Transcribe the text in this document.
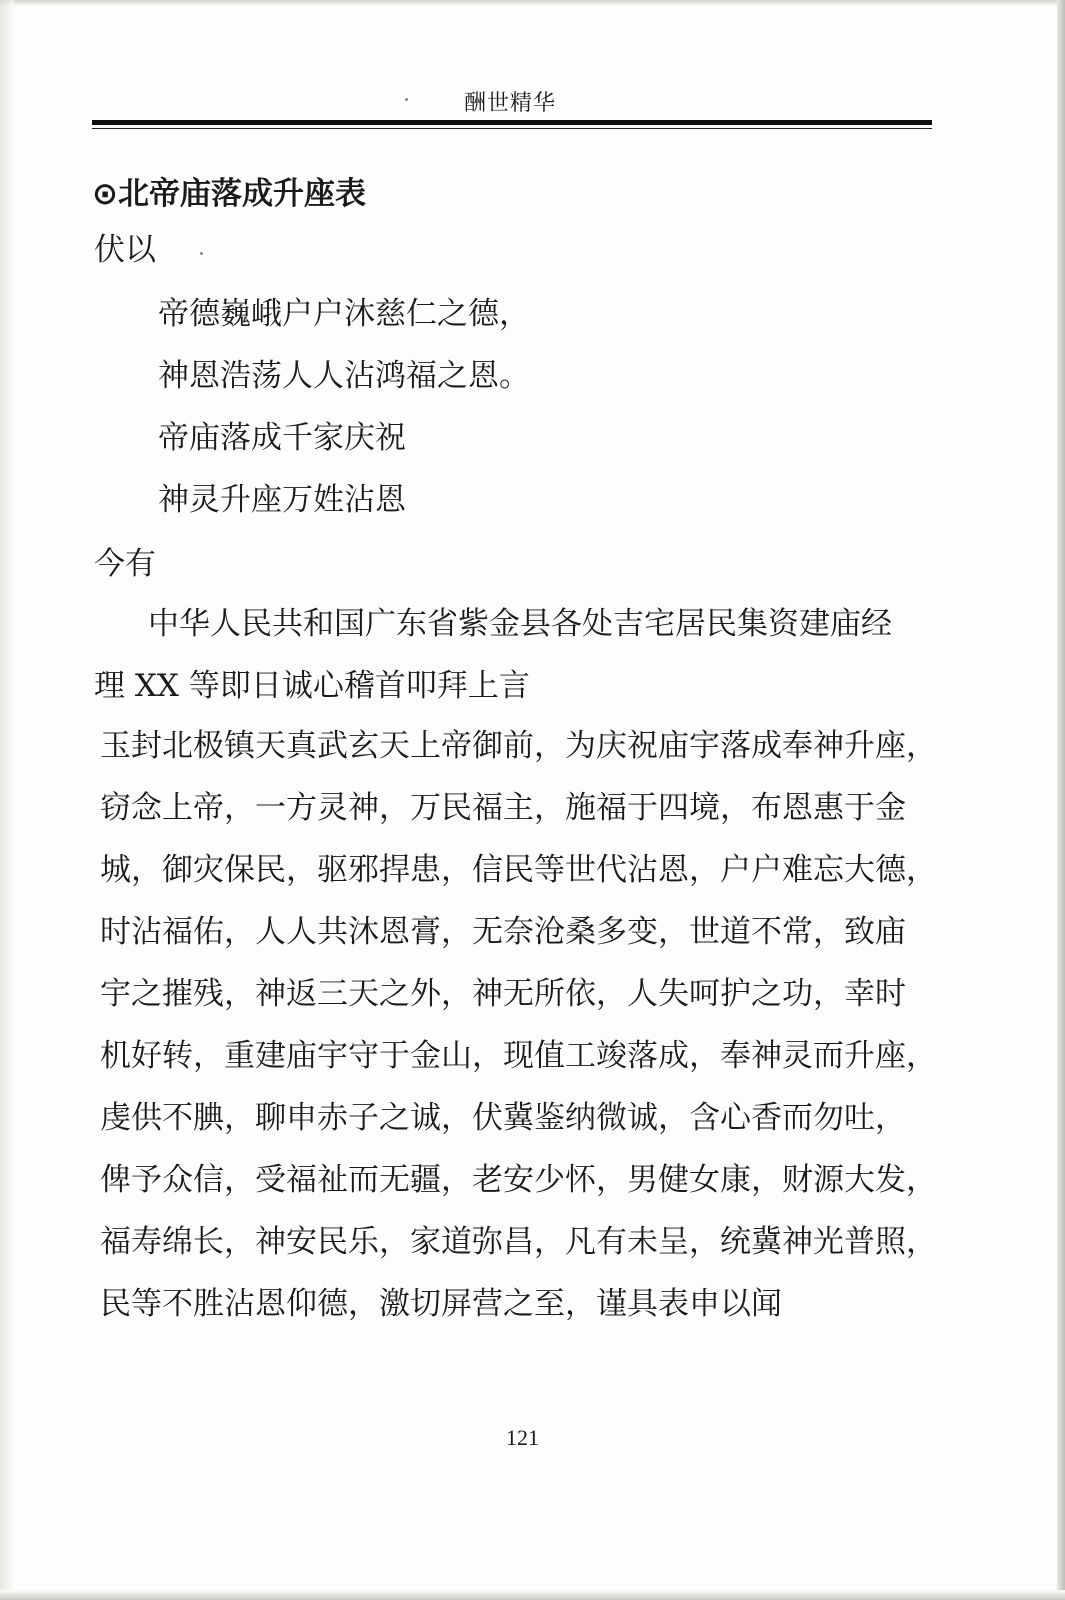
酬世精华
⊙北帝庙落成升座表
伏以
帝德巍峨户户沐慈仁之德，
神恩浩荡人人沾鸿福之恩。
帝庙落成千家庆祝
神灵升座万姓沾恩
今有
中华人民共和国广东省紫金县各处吉宅居民集资建庙经
理 XX 等即日诚心稽首叩拜上言
玉封北极镇天真武玄天上帝御前，为庆祝庙宇落成奉神升座，
窃念上帝，一方灵神，万民福主，施福于四境，布恩惠于金
城，御灾保民，驱邪捍患，信民等世代沾恩，户户难忘大德，
时沾福佑，人人共沐恩膏，无奈沧桑多变，世道不常，致庙
宇之摧残，神返三天之外，神无所依，人失呵护之功，幸时
机好转，重建庙宇守于金山，现值工竣落成，奉神灵而升座，
虔供不腆，聊申赤子之诚，伏冀鉴纳微诚，含心香而勿吐，
俾予众信，受福祉而无疆，老安少怀，男健女康，财源大发，
福寿绵长，神安民乐，家道弥昌，凡有未呈，统冀神光普照，
民等不胜沾恩仰德，激切屏营之至，谨具表申以闻
121
